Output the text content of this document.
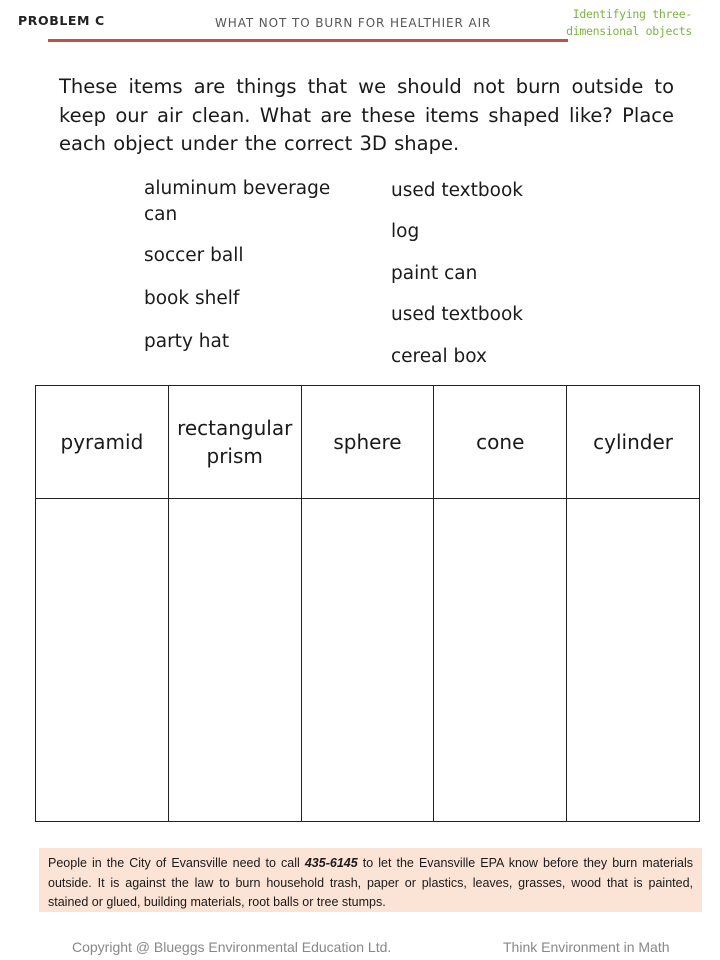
PROBLEM C	WHAT NOT TO BURN FOR HEALTHIER AIR
Identifying three-
dimensional objects
These items are things that we should not burn outside to keep our air clean. What are these items shaped like? Place each object under the correct 3D shape.
aluminum beverage can
soccer ball
book shelf
party hat
used textbook
log
paint can
used textbook
cereal box
pyramid	rectangular prism	sphere	cone	cylinder

People in the City of Evansville need to call 435-6145 to let the Evansville EPA know before they burn materials outside. It is against the law to burn household trash, paper or plastics, leaves, grasses, wood that is painted, stained or glued, building materials, root balls or tree stumps.
Copyright @ Blueggs Environmental Education Ltd.	Think Environment in Math
